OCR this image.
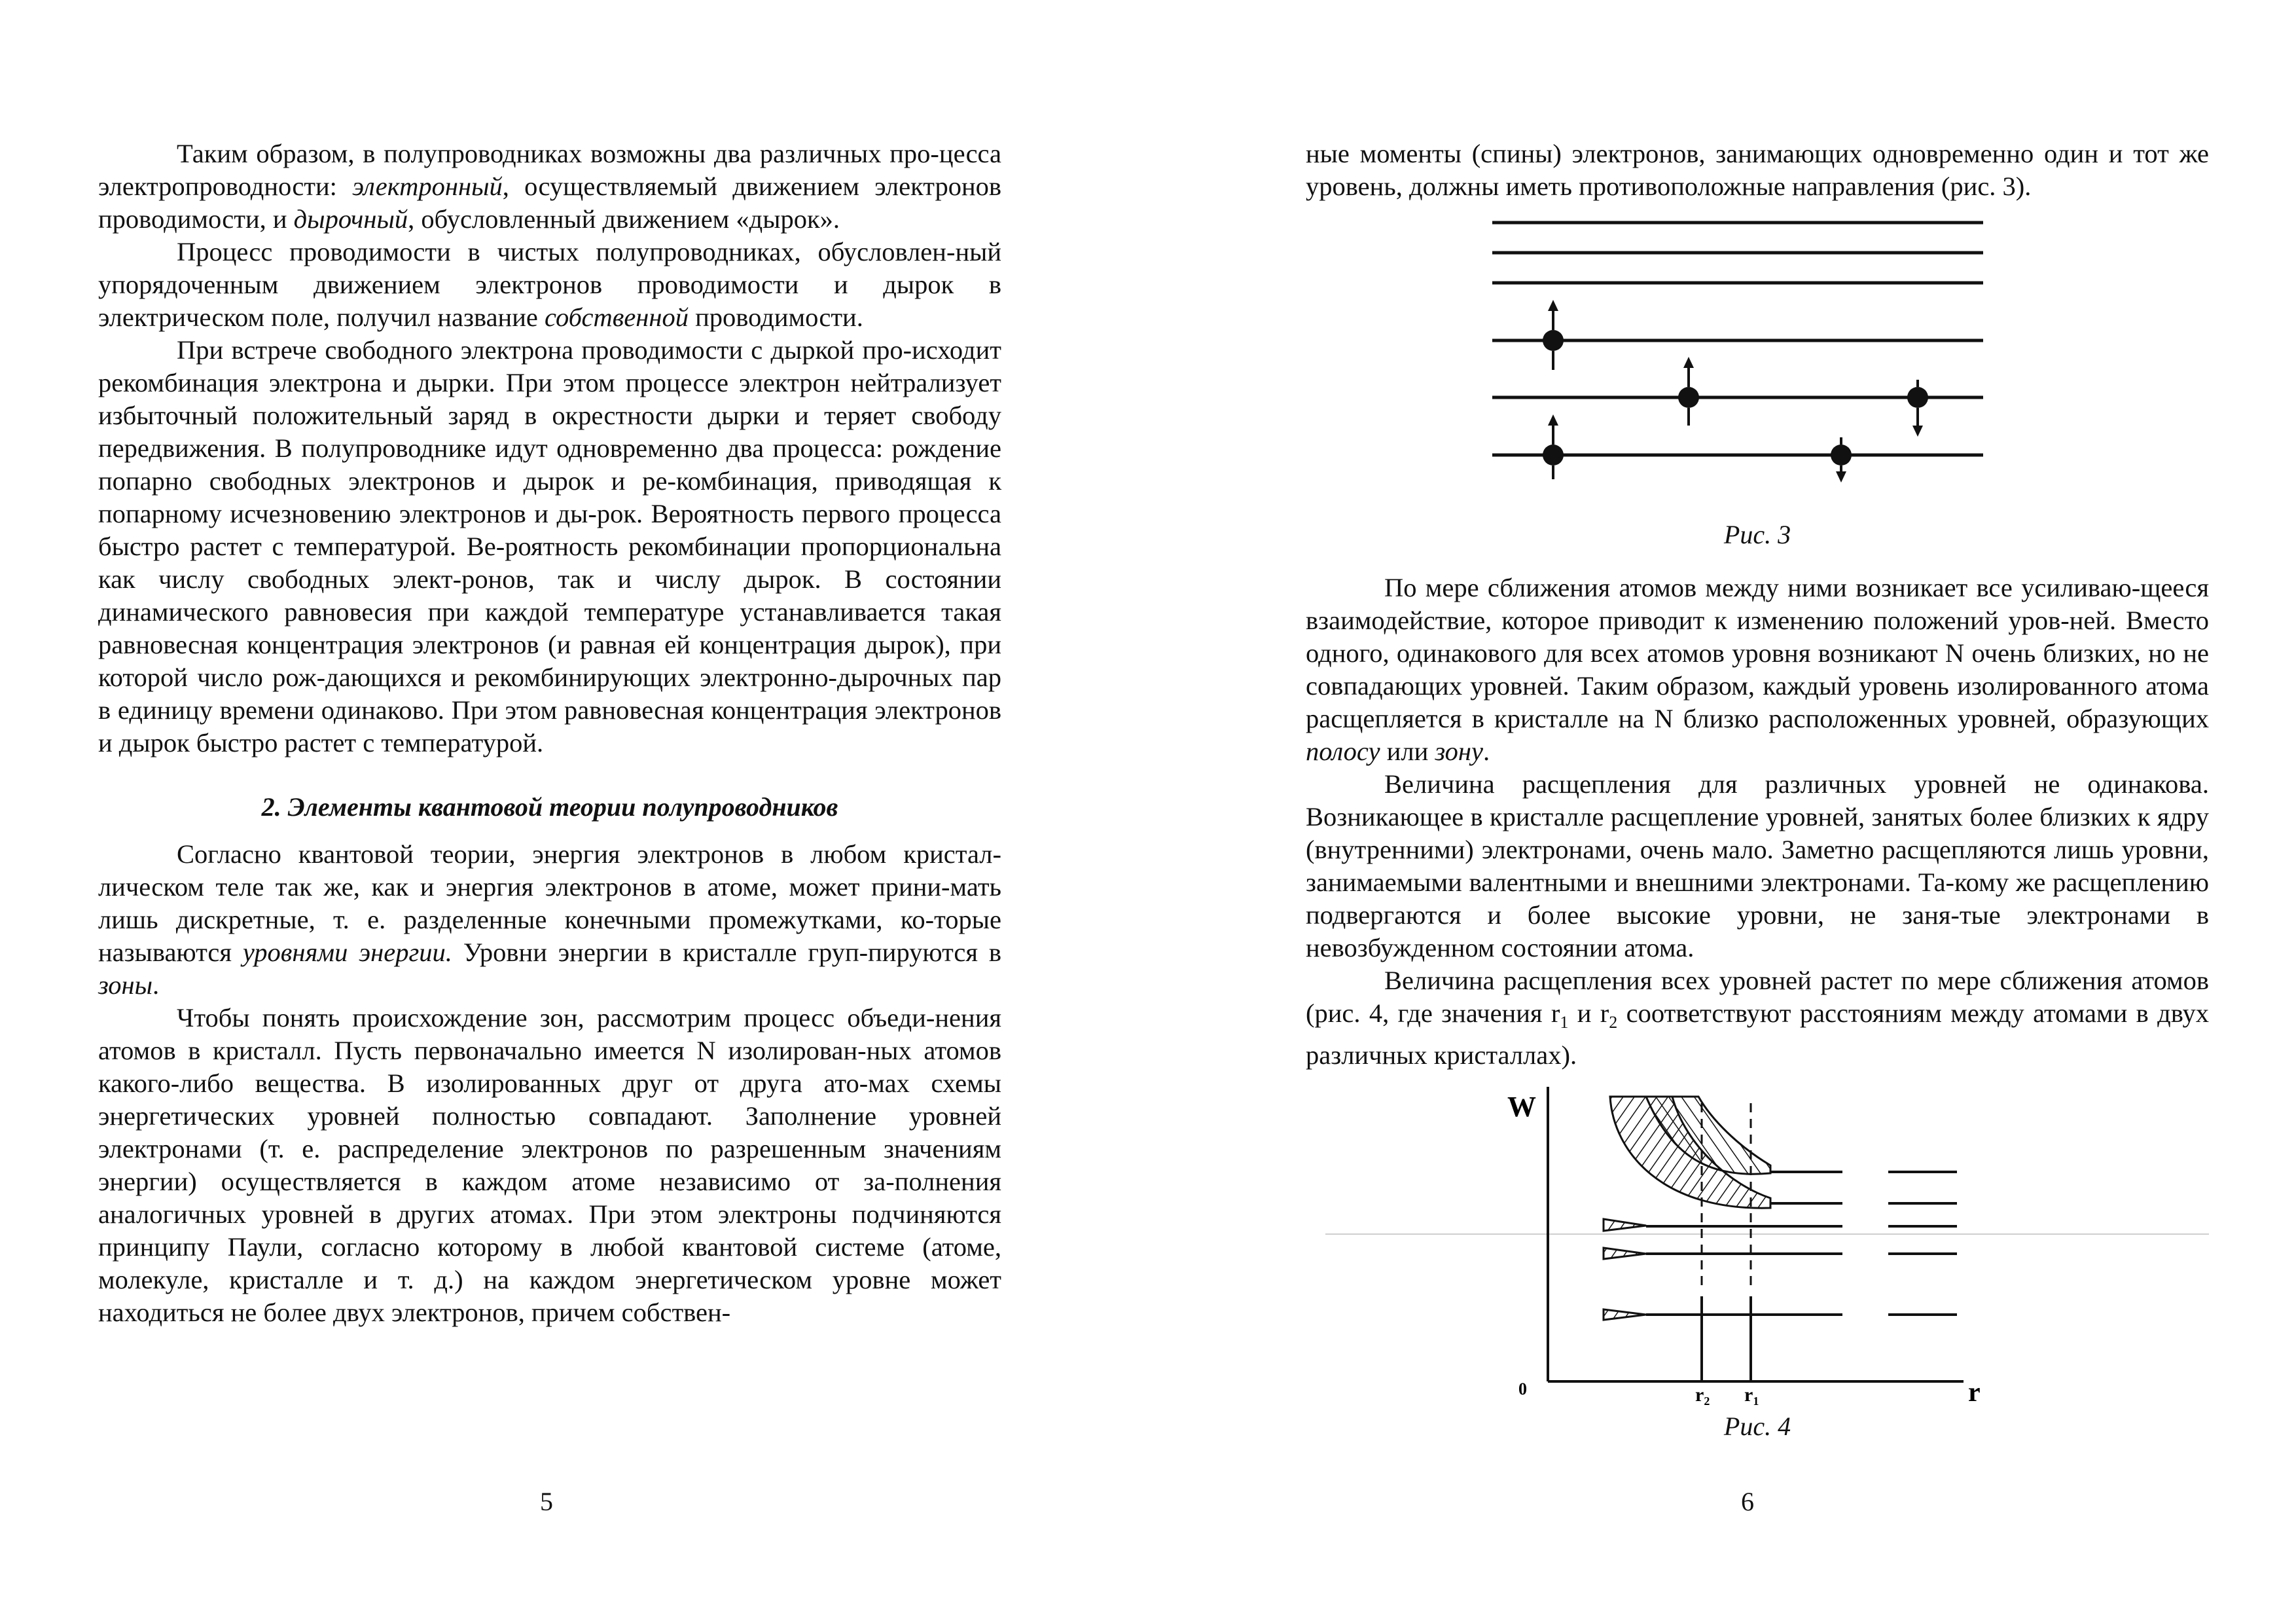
Таким образом, в полупроводниках возможны два различных про-цесса электропроводности: электронный, осуществляемый движением электронов проводимости, и дырочный, обусловленный движением «дырок».

Процесс проводимости в чистых полупроводниках, обусловлен-ный упорядоченным движением электронов проводимости и дырок в электрическом поле, получил название собственной проводимости.

При встрече свободного электрона проводимости с дыркой про-исходит рекомбинация электрона и дырки. При этом процессе электрон нейтрализует избыточный положительный заряд в окрестности дырки и теряет свободу передвижения. В полупроводнике идут одновременно два процесса: рождение попарно свободных электронов и дырок и ре-комбинация, приводящая к попарному исчезновению электронов и ды-рок. Вероятность первого процесса быстро растет с температурой. Ве-роятность рекомбинации пропорциональна как числу свободных элект-ронов, так и числу дырок. В состоянии динамического равновесия при каждой температуре устанавливается такая равновесная концентрация электронов (и равная ей концентрация дырок), при которой число рож-дающихся и рекомбинирующих электронно-дырочных пар в единицу времени одинаково. При этом равновесная концентрация электронов и дырок быстро растет с температурой.

2. Элементы квантовой теории полупроводников

Согласно квантовой теории, энергия электронов в любом кристал-лическом теле так же, как и энергия электронов в атоме, может прини-мать лишь дискретные, т. е. разделенные конечными промежутками, ко-торые называются уровнями энергии. Уровни энергии в кристалле груп-пируются в зоны.

Чтобы понять происхождение зон, рассмотрим процесс объеди-нения атомов в кристалл. Пусть первоначально имеется N изолирован-ных атомов какого-либо вещества. В изолированных друг от друга ато-мах схемы энергетических уровней полностью совпадают. Заполнение уровней электронами (т. е. распределение электронов по разрешенным значениям энергии) осуществляется в каждом атоме независимо от за-полнения аналогичных уровней в других атомах. При этом электроны подчиняются принципу Паули, согласно которому в любой квантовой системе (атоме, молекуле, кристалле и т. д.) на каждом энергетическом уровне может находиться не более двух электронов, причем собствен-

5

ные моменты (спины) электронов, занимающих одновременно один и тот же уровень, должны иметь противоположные направления (рис. 3).

Рис. 3

По мере сближения атомов между ними возникает все усиливаю-щееся взаимодействие, которое приводит к изменению положений уров-ней. Вместо одного, одинакового для всех атомов уровня возникают N очень близких, но не совпадающих уровней. Таким образом, каждый уровень изолированного атома расщепляется в кристалле на N близко расположенных уровней, образующих полосу или зону.

Величина расщепления для различных уровней не одинакова. Возникающее в кристалле расщепление уровней, занятых более близких к ядру (внутренними) электронами, очень мало. Заметно расщепляются лишь уровни, занимаемыми валентными и внешними электронами. Та-кому же расщеплению подвергаются и более высокие уровни, не заня-тые электронами в невозбужденном состоянии атома.

Величина расщепления всех уровней растет по мере сближения атомов (рис. 4, где значения $r_1$ и $r_2$ соответствуют расстояниям между атомами в двух различных кристаллах).

W
0	r
$r_2$ $r_1$
Рис. 4
6
